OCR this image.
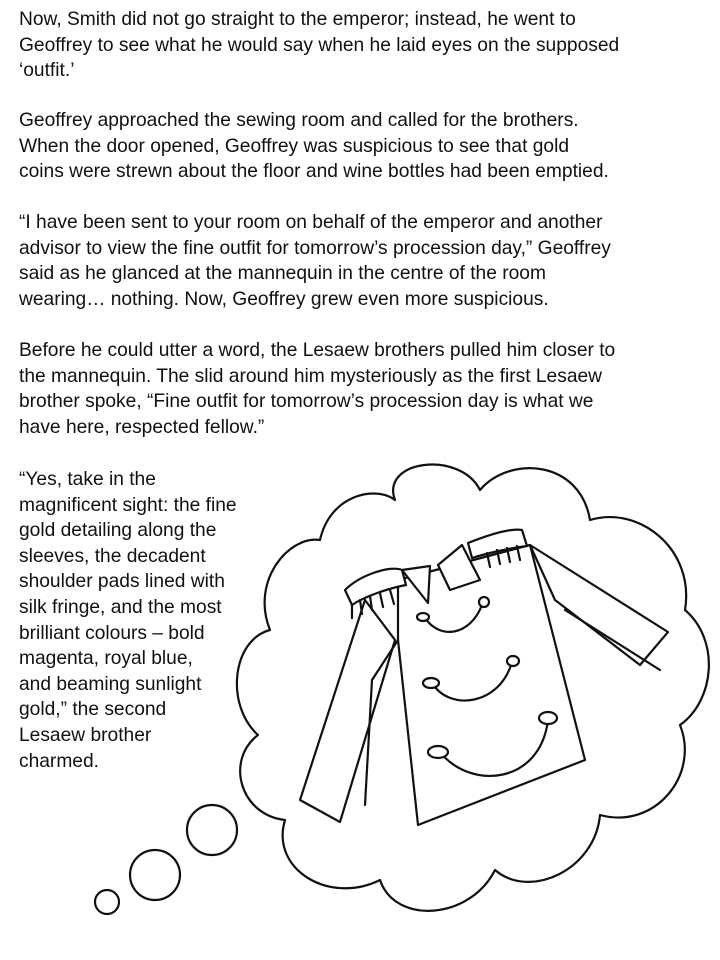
Now, Smith did not go straight to the emperor; instead, he went to
Geoffrey to see what he would say when he laid eyes on the supposed
‘outfit.’

Geoffrey approached the sewing room and called for the brothers.
When the door opened, Geoffrey was suspicious to see that gold
coins were strewn about the floor and wine bottles had been emptied.

“I have been sent to your room on behalf of the emperor and another
advisor to view the fine outfit for tomorrow’s procession day,” Geoffrey
said as he glanced at the mannequin in the centre of the room
wearing… nothing. Now, Geoffrey grew even more suspicious.

Before he could utter a word, the Lesaew brothers pulled him closer to
the mannequin. The slid around him mysteriously as the first Lesaew
brother spoke, “Fine outfit for tomorrow’s procession day is what we
have here, respected fellow.”

“Yes, take in the
magnificent sight: the fine
gold detailing along the
sleeves, the decadent
shoulder pads lined with
silk fringe, and the most
brilliant colours – bold
magenta, royal blue,
and beaming sunlight
gold,” the second
Lesaew brother
charmed.
